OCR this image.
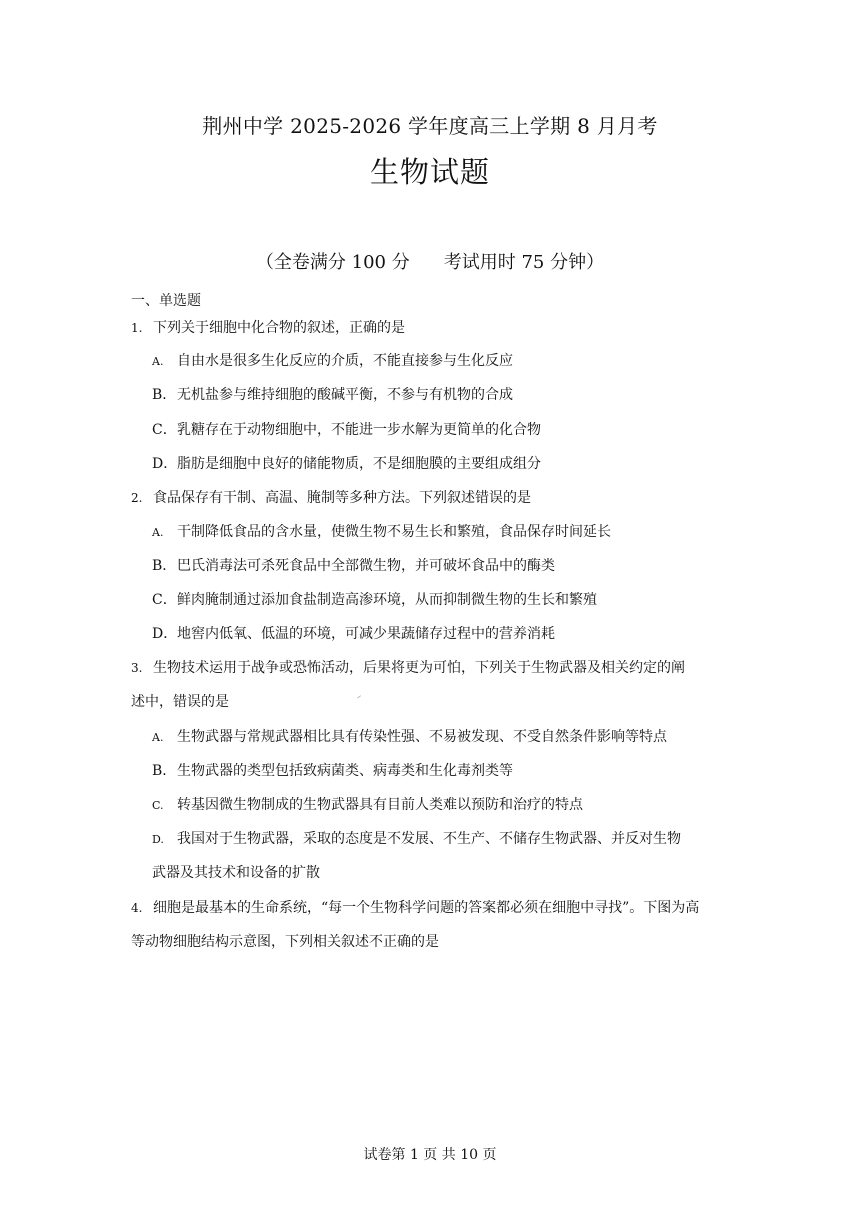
荆州中学 2025-2026 学年度高三上学期 8 月月考
生物试题
（全卷满分 100 分 考试用时 75 分钟）
一、单选题
1. 下列关于细胞中化合物的叙述，正确的是
A. 自由水是很多生化反应的介质，不能直接参与生化反应
B．无机盐参与维持细胞的酸碱平衡，不参与有机物的合成
C．乳糖存在于动物细胞中，不能进一步水解为更简单的化合物
D．脂肪是细胞中良好的储能物质，不是细胞膜的主要组成组分
2. 食品保存有干制、高温、腌制等多种方法。下列叙述错误的是
A. 干制降低食品的含水量，使微生物不易生长和繁殖，食品保存时间延长
B．巴氏消毒法可杀死食品中全部微生物，并可破坏食品中的酶类
C．鲜肉腌制通过添加食盐制造高渗环境，从而抑制微生物的生长和繁殖
D．地窖内低氧、低温的环境，可减少果蔬储存过程中的营养消耗
3. 生物技术运用于战争或恐怖活动，后果将更为可怕，下列关于生物武器及相关约定的阐
述中，错误的是
A. 生物武器与常规武器相比具有传染性强、不易被发现、不受自然条件影响等特点
B．生物武器的类型包括致病菌类、病毒类和生化毒剂类等
C. 转基因微生物制成的生物武器具有目前人类难以预防和治疗的特点
D. 我国对于生物武器，采取的态度是不发展、不生产、不储存生物武器、并反对生物
武器及其技术和设备的扩散
4. 细胞是最基本的生命系统，“每一个生物科学问题的答案都必须在细胞中寻找”。下图为高
等动物细胞结构示意图，下列相关叙述不正确的是
试卷第 1 页 共 10 页
